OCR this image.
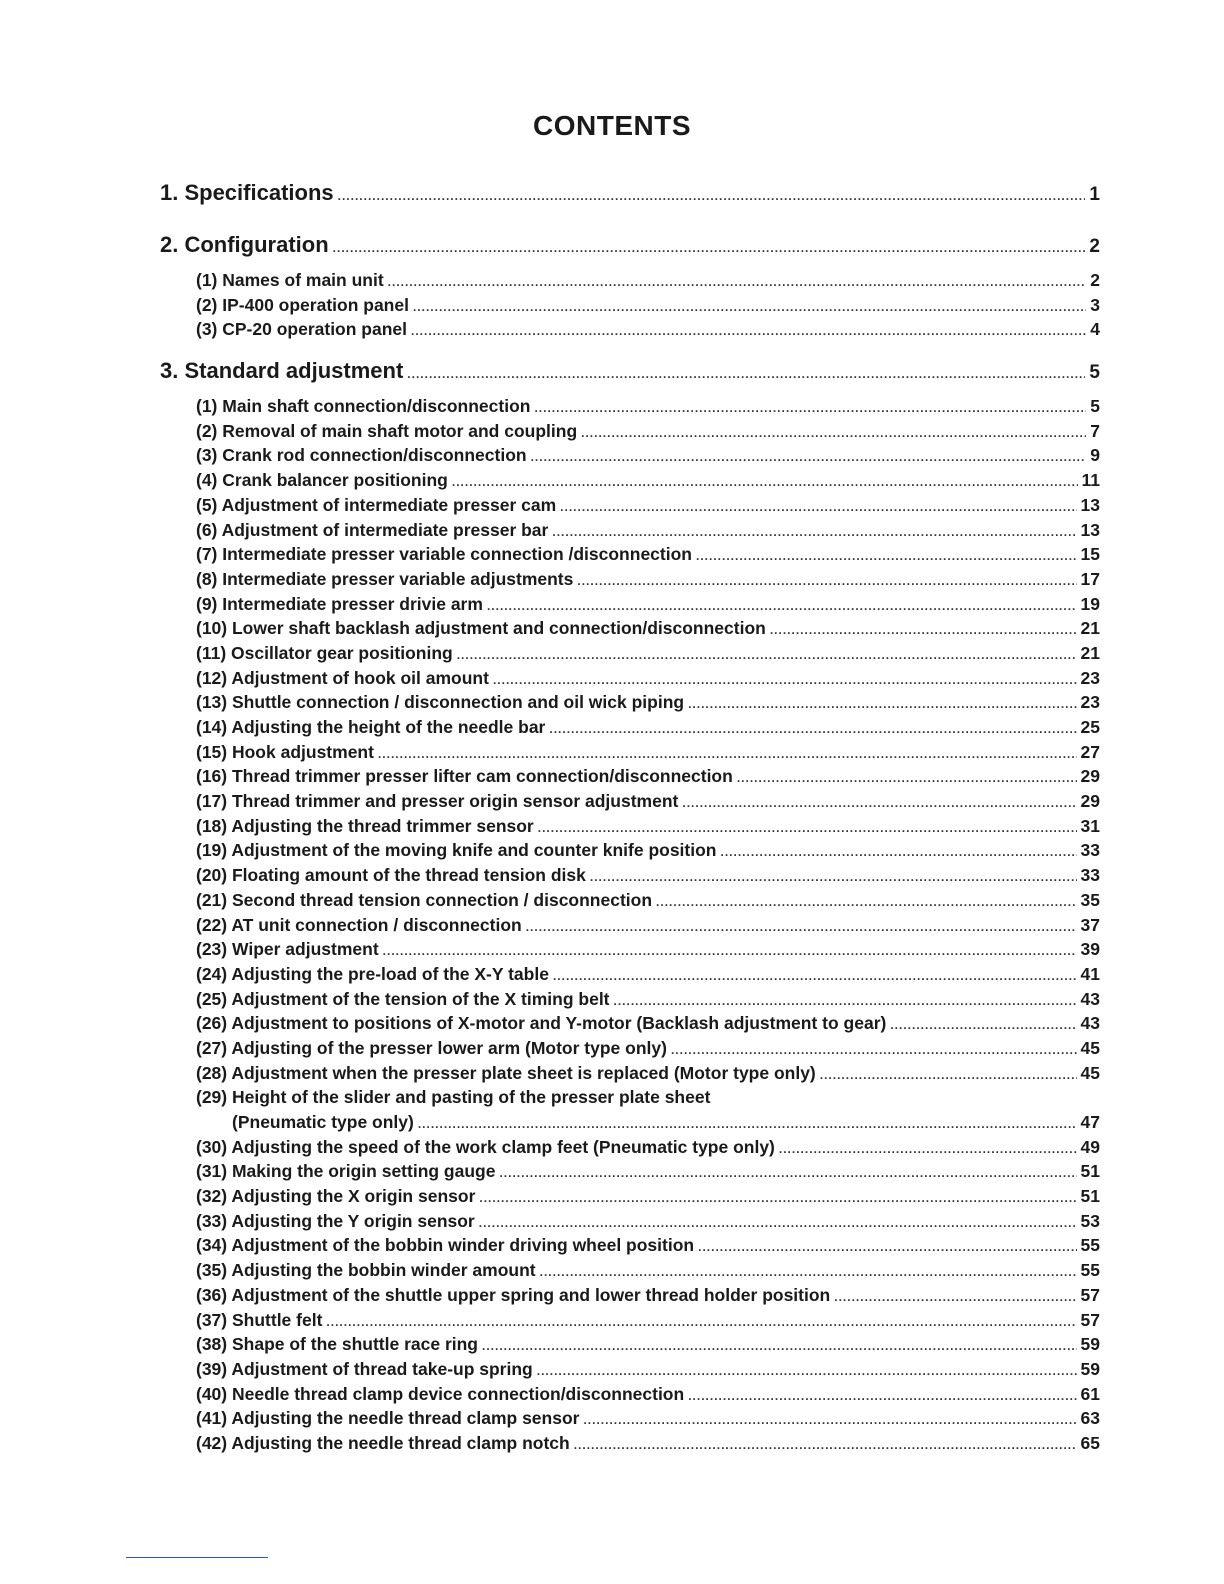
CONTENTS
1. Specifications .....	1
2. Configuration .....	2
(1) Names of main unit .....	2
(2) IP-400 operation panel .....	3
(3) CP-20 operation panel .....	4
3. Standard adjustment .....	5
(1) Main shaft connection/disconnection .....	5
(2) Removal of main shaft motor and coupling .....	7
(3) Crank rod connection/disconnection .....	9
(4) Crank balancer positioning .....	11
(5) Adjustment of intermediate presser cam .....	13
(6) Adjustment of intermediate presser bar .....	13
(7) Intermediate presser variable connection /disconnection .....	15
(8) Intermediate presser variable adjustments .....	17
(9) Intermediate presser drivie arm .....	19
(10) Lower shaft backlash adjustment and connection/disconnection .....	21
(11) Oscillator gear positioning .....	21
(12) Adjustment of hook oil amount .....	23
(13) Shuttle connection / disconnection and oil wick piping .....	23
(14) Adjusting the height of the needle bar .....	25
(15) Hook adjustment .....	27
(16) Thread trimmer presser lifter cam connection/disconnection .....	29
(17) Thread trimmer and presser origin sensor adjustment .....	29
(18) Adjusting the thread trimmer sensor .....	31
(19) Adjustment of the moving knife and counter knife position .....	33
(20) Floating amount of the thread tension disk .....	33
(21) Second thread tension connection / disconnection .....	35
(22) AT unit connection / disconnection .....	37
(23) Wiper adjustment .....	39
(24) Adjusting the pre-load of the X-Y table .....	41
(25) Adjustment of the tension of the X timing belt .....	43
(26) Adjustment to positions of X-motor and Y-motor (Backlash adjustment to gear) .....	43
(27) Adjusting of the presser lower arm (Motor type only) .....	45
(28) Adjustment when the presser plate sheet is replaced (Motor type only) .....	45
(29) Height of the slider and pasting of the presser plate sheet
(Pneumatic type only) .....	47
(30) Adjusting the speed of the work clamp feet (Pneumatic type only) .....	49
(31) Making the origin setting gauge .....	51
(32) Adjusting the X origin sensor .....	51
(33) Adjusting the Y origin sensor .....	53
(34) Adjustment of the bobbin winder driving wheel position .....	55
(35) Adjusting the bobbin winder amount .....	55
(36) Adjustment of the shuttle upper spring and lower thread holder position .....	57
(37) Shuttle felt .....	57
(38) Shape of the shuttle race ring .....	59
(39) Adjustment of thread take-up spring .....	59
(40) Needle thread clamp device connection/disconnection .....	61
(41) Adjusting the needle thread clamp sensor .....	63
(42) Adjusting the needle thread clamp notch .....	65
